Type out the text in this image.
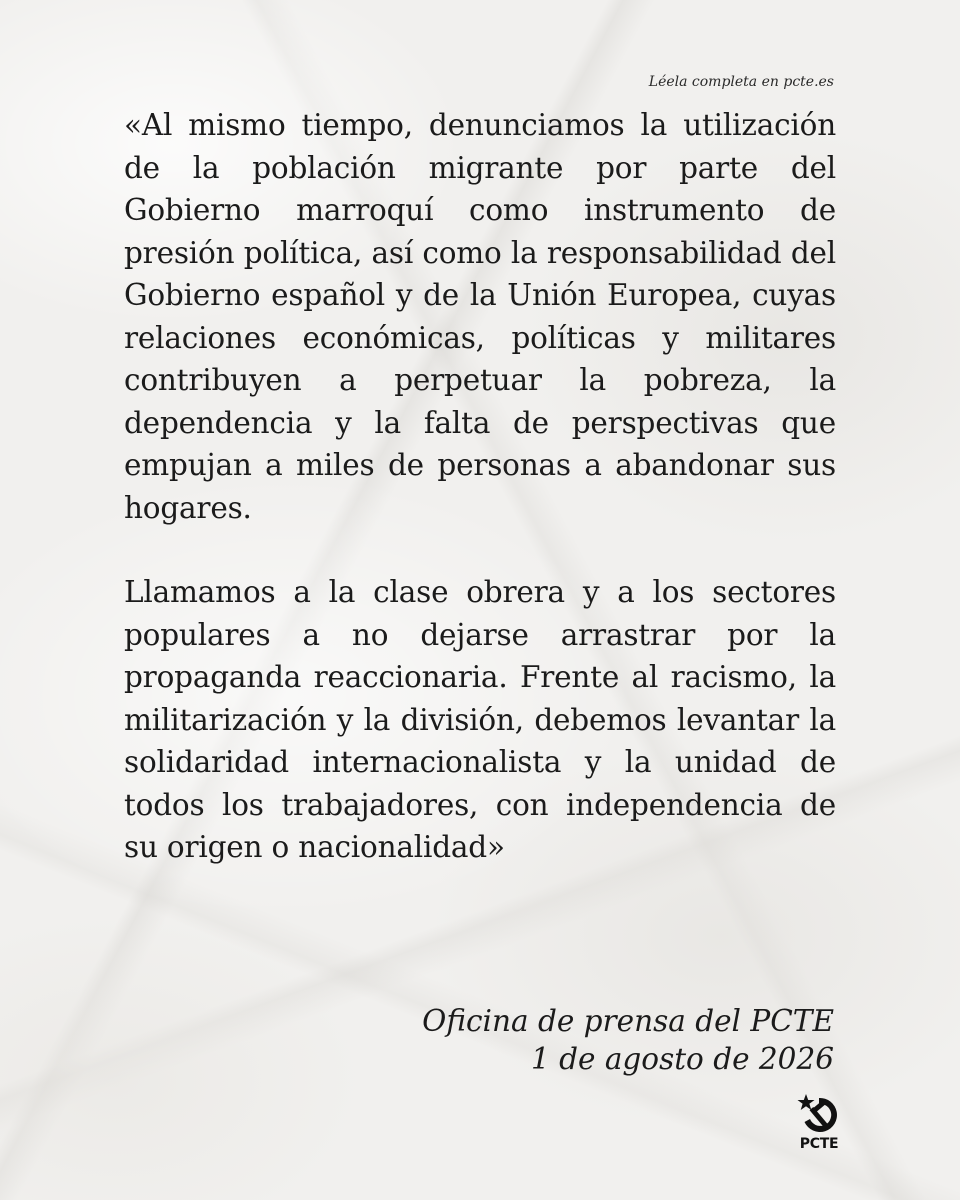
Léela completa en pcte.es

«Al mismo tiempo, denunciamos la utilización de la población migrante por parte del Gobierno marroquí como instrumento de presión política, así como la responsabilidad del Gobierno español y de la Unión Europea, cuyas relaciones económicas, políticas y militares contribuyen a perpetuar la pobreza, la dependencia y la falta de perspectivas que empujan a miles de personas a abandonar sus hogares.

Llamamos a la clase obrera y a los sectores populares a no dejarse arrastrar por la propaganda reaccionaria. Frente al racismo, la militarización y la división, debemos levantar la solidaridad internacionalista y la unidad de todos los trabajadores, con independencia de su origen o nacionalidad»

Oficina de prensa del PCTE
1 de agosto de 2026
PCTE
